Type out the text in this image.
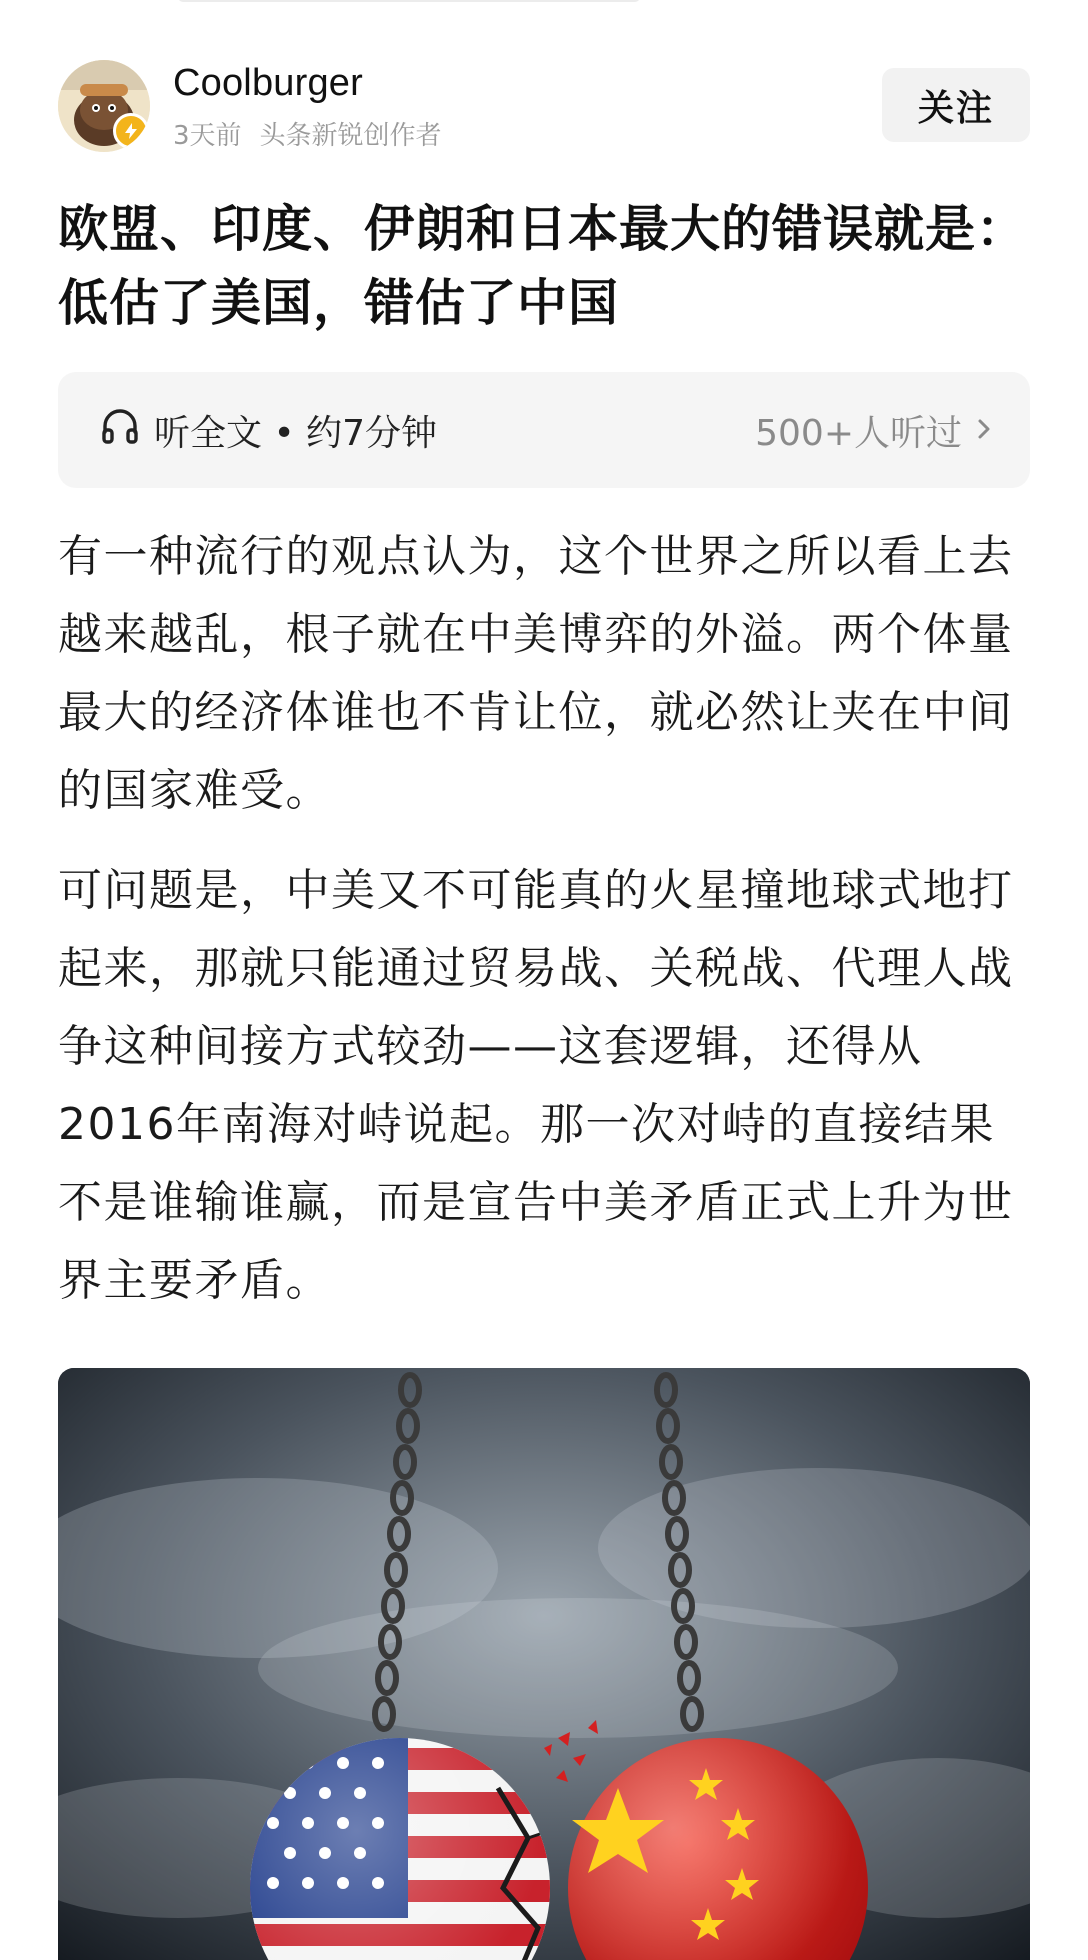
Coolburger
3天前 头条新锐创作者
关注
欧盟、印度、伊朗和日本最大的错误就是：
低估了美国，错估了中国
听全文 • 约7分钟	500+人听过

有一种流行的观点认为，这个世界之所以看上去越来越乱，根子就在中美博弈的外溢。两个体量最大的经济体谁也不肯让位，就必然让夹在中间的国家难受。

可问题是，中美又不可能真的火星撞地球式地打起来，那就只能通过贸易战、关税战、代理人战争这种间接方式较劲——这套逻辑，还得从2016年南海对峙说起。那一次对峙的直接结果不是谁输谁赢，而是宣告中美矛盾正式上升为世界主要矛盾。
